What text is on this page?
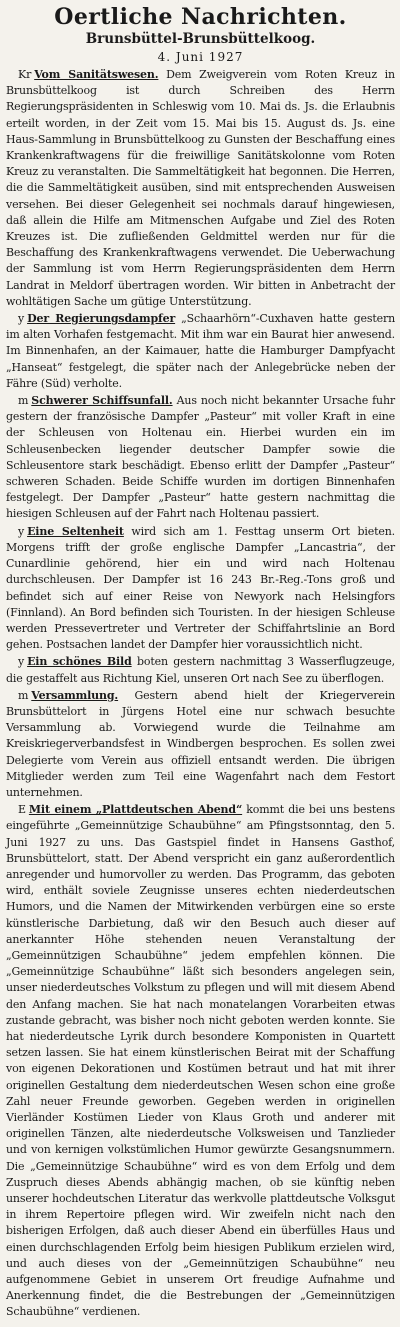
Oertliche Nachrichten.
Brunsbüttel-Brunsbüttelkoog.
4. Juni 1927

Kr Vom Sanitätswesen. Dem Zweigverein vom Roten Kreuz in Brunsbüttelkoog ist durch Schreiben des Herrn Regierungspräsidenten in Schleswig vom 10. Mai ds. Js. die Erlaubnis erteilt worden, in der Zeit vom 15. Mai bis 15. August ds. Js. eine Haus-Sammlung in Brunsbüttelkoog zu Gunsten der Beschaffung eines Krankenkraftwagens für die freiwillige Sanitätskolonne vom Roten Kreuz zu veranstalten. Die Sammeltätigkeit hat begonnen. Die Herren, die die Sammeltätigkeit ausüben, sind mit entsprechenden Ausweisen versehen. Bei dieser Gelegenheit sei nochmals darauf hingewiesen, daß allein die Hilfe am Mitmenschen Aufgabe und Ziel des Roten Kreuzes ist. Die zufließenden Geldmittel werden nur für die Beschaffung des Krankenkraftwagens verwendet. Die Ueberwachung der Sammlung ist vom Herrn Regierungspräsidenten dem Herrn Landrat in Meldorf übertragen worden. Wir bitten in Anbetracht der wohltätigen Sache um gütige Unterstützung.

y Der Regierungsdampfer „Schaarhörn“-Cuxhaven hatte gestern im alten Vorhafen festgemacht. Mit ihm war ein Baurat hier anwesend. Im Binnenhafen, an der Kaimauer, hatte die Hamburger Dampfyacht „Hanseat“ festgelegt, die später nach der Anlegebrücke neben der Fähre (Süd) verholte.

m Schwerer Schiffsunfall. Aus noch nicht bekannter Ursache fuhr gestern der französische Dampfer „Pasteur“ mit voller Kraft in eine der Schleusen von Holtenau ein. Hierbei wurden ein im Schleusenbecken liegender deutscher Dampfer sowie die Schleusentore stark beschädigt. Ebenso erlitt der Dampfer „Pasteur“ schweren Schaden. Beide Schiffe wurden im dortigen Binnenhafen festgelegt. Der Dampfer „Pasteur“ hatte gestern nachmittag die hiesigen Schleusen auf der Fahrt nach Holtenau passiert.

y Eine Seltenheit wird sich am 1. Festtag unserm Ort bieten. Morgens trifft der große englische Dampfer „Lancastria“, der Cunardlinie gehörend, hier ein und wird nach Holtenau durchschleusen. Der Dampfer ist 16 243 Br.-Reg.-Tons groß und befindet sich auf einer Reise von Newyork nach Helsingfors (Finnland). An Bord befinden sich Touristen. In der hiesigen Schleuse werden Pressevertreter und Vertreter der Schiffahrtslinie an Bord gehen. Postsachen landet der Dampfer hier voraussichtlich nicht.

y Ein schönes Bild boten gestern nachmittag 3 Wasserflugzeuge, die gestaffelt aus Richtung Kiel, unseren Ort nach See zu überflogen.

m Versammlung. Gestern abend hielt der Kriegerverein Brunsbüttelort in Jürgens Hotel eine nur schwach besuchte Versammlung ab. Vorwiegend wurde die Teilnahme am Kreiskriegerverbandsfest in Windbergen besprochen. Es sollen zwei Delegierte vom Verein aus offiziell entsandt werden. Die übrigen Mitglieder werden zum Teil eine Wagenfahrt nach dem Festort unternehmen.

E Mit einem „Plattdeutschen Abend“ kommt die bei uns bestens eingeführte „Gemeinnützige Schaubühne“ am Pfingstsonntag, den 5. Juni 1927 zu uns. Das Gastspiel findet in Hansens Gasthof, Brunsbüttelort, statt. Der Abend verspricht ein ganz außerordentlich anregender und humorvoller zu werden. Das Programm, das geboten wird, enthält soviele Zeugnisse unseres echten niederdeutschen Humors, und die Namen der Mitwirkenden verbürgen eine so erste künstlerische Darbietung, daß wir den Besuch auch dieser auf anerkannter Höhe stehenden neuen Veranstaltung der „Gemeinnützigen Schaubühne“ jedem empfehlen können. Die „Gemeinnützige Schaubühne“ läßt sich besonders angelegen sein, unser niederdeutsches Volkstum zu pflegen und will mit diesem Abend den Anfang machen. Sie hat nach monatelangen Vorarbeiten etwas zustande gebracht, was bisher noch nicht geboten werden konnte. Sie hat niederdeutsche Lyrik durch besondere Komponisten in Quartett setzen lassen. Sie hat einem künstlerischen Beirat mit der Schaffung von eigenen Dekorationen und Kostümen betraut und hat mit ihrer originellen Gestaltung dem niederdeutschen Wesen schon eine große Zahl neuer Freunde geworben. Gegeben werden in originellen Vierländer Kostümen Lieder von Klaus Groth und anderer mit originellen Tänzen, alte niederdeutsche Volksweisen und Tanzlieder und von kernigen volkstümlichen Humor gewürzte Gesangsnummern. Die „Gemeinnützige Schaubühne“ wird es von dem Erfolg und dem Zuspruch dieses Abends abhängig machen, ob sie künftig neben unserer hochdeutschen Literatur das werkvolle plattdeutsche Volksgut in ihrem Repertoire pflegen wird. Wir zweifeln nicht nach den bisherigen Erfolgen, daß auch dieser Abend ein überfülles Haus und einen durchschlagenden Erfolg beim hiesigen Publikum erzielen wird, und auch dieses von der „Gemeinnützigen Schaubühne“ neu aufgenommene Gebiet in unserem Ort freudige Aufnahme und Anerkennung findet, die die Bestrebungen der „Gemeinnützigen Schaubühne“ verdienen.
